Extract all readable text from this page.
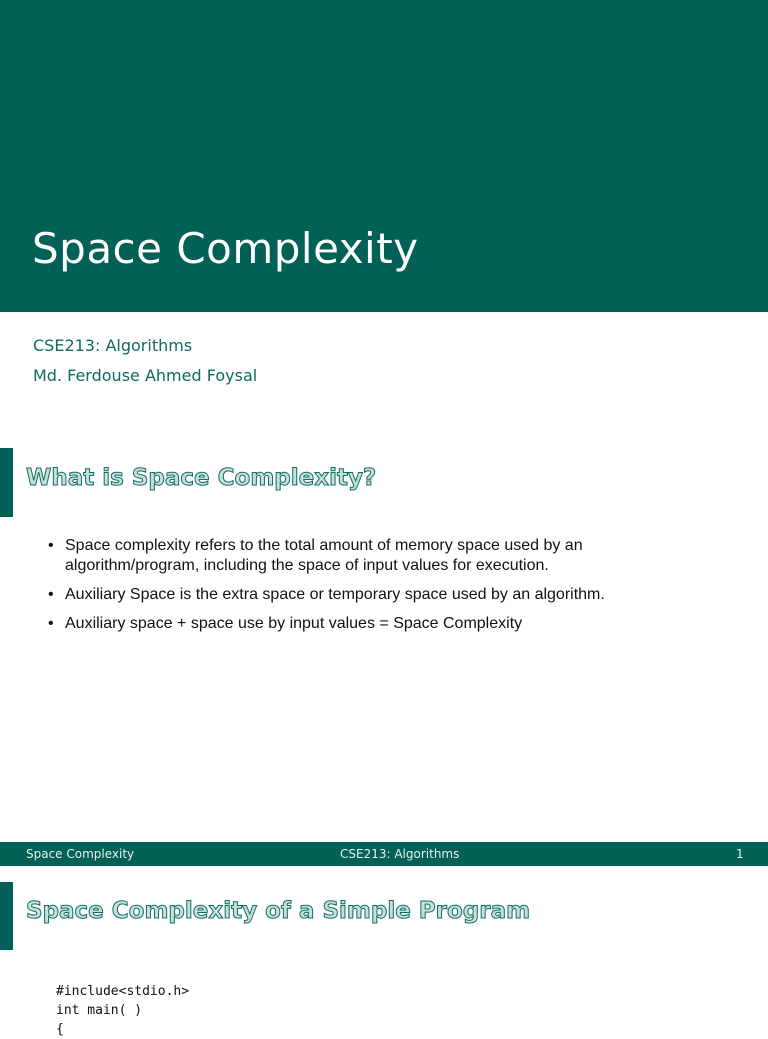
Space Complexity

CSE213: Algorithms

Md. Ferdouse Ahmed Foysal

What is Space Complexity?
• Space complexity refers to the total amount of memory space used by an algorithm/program, including the space of input values for execution.
• Auxiliary Space is the extra space or temporary space used by an algorithm.
• Auxiliary space + space use by input values = Space Complexity
Space Complexity	CSE213: Algorithms	1
Space Complexity of a Simple Program
#include<stdio.h>
int main( )
{
